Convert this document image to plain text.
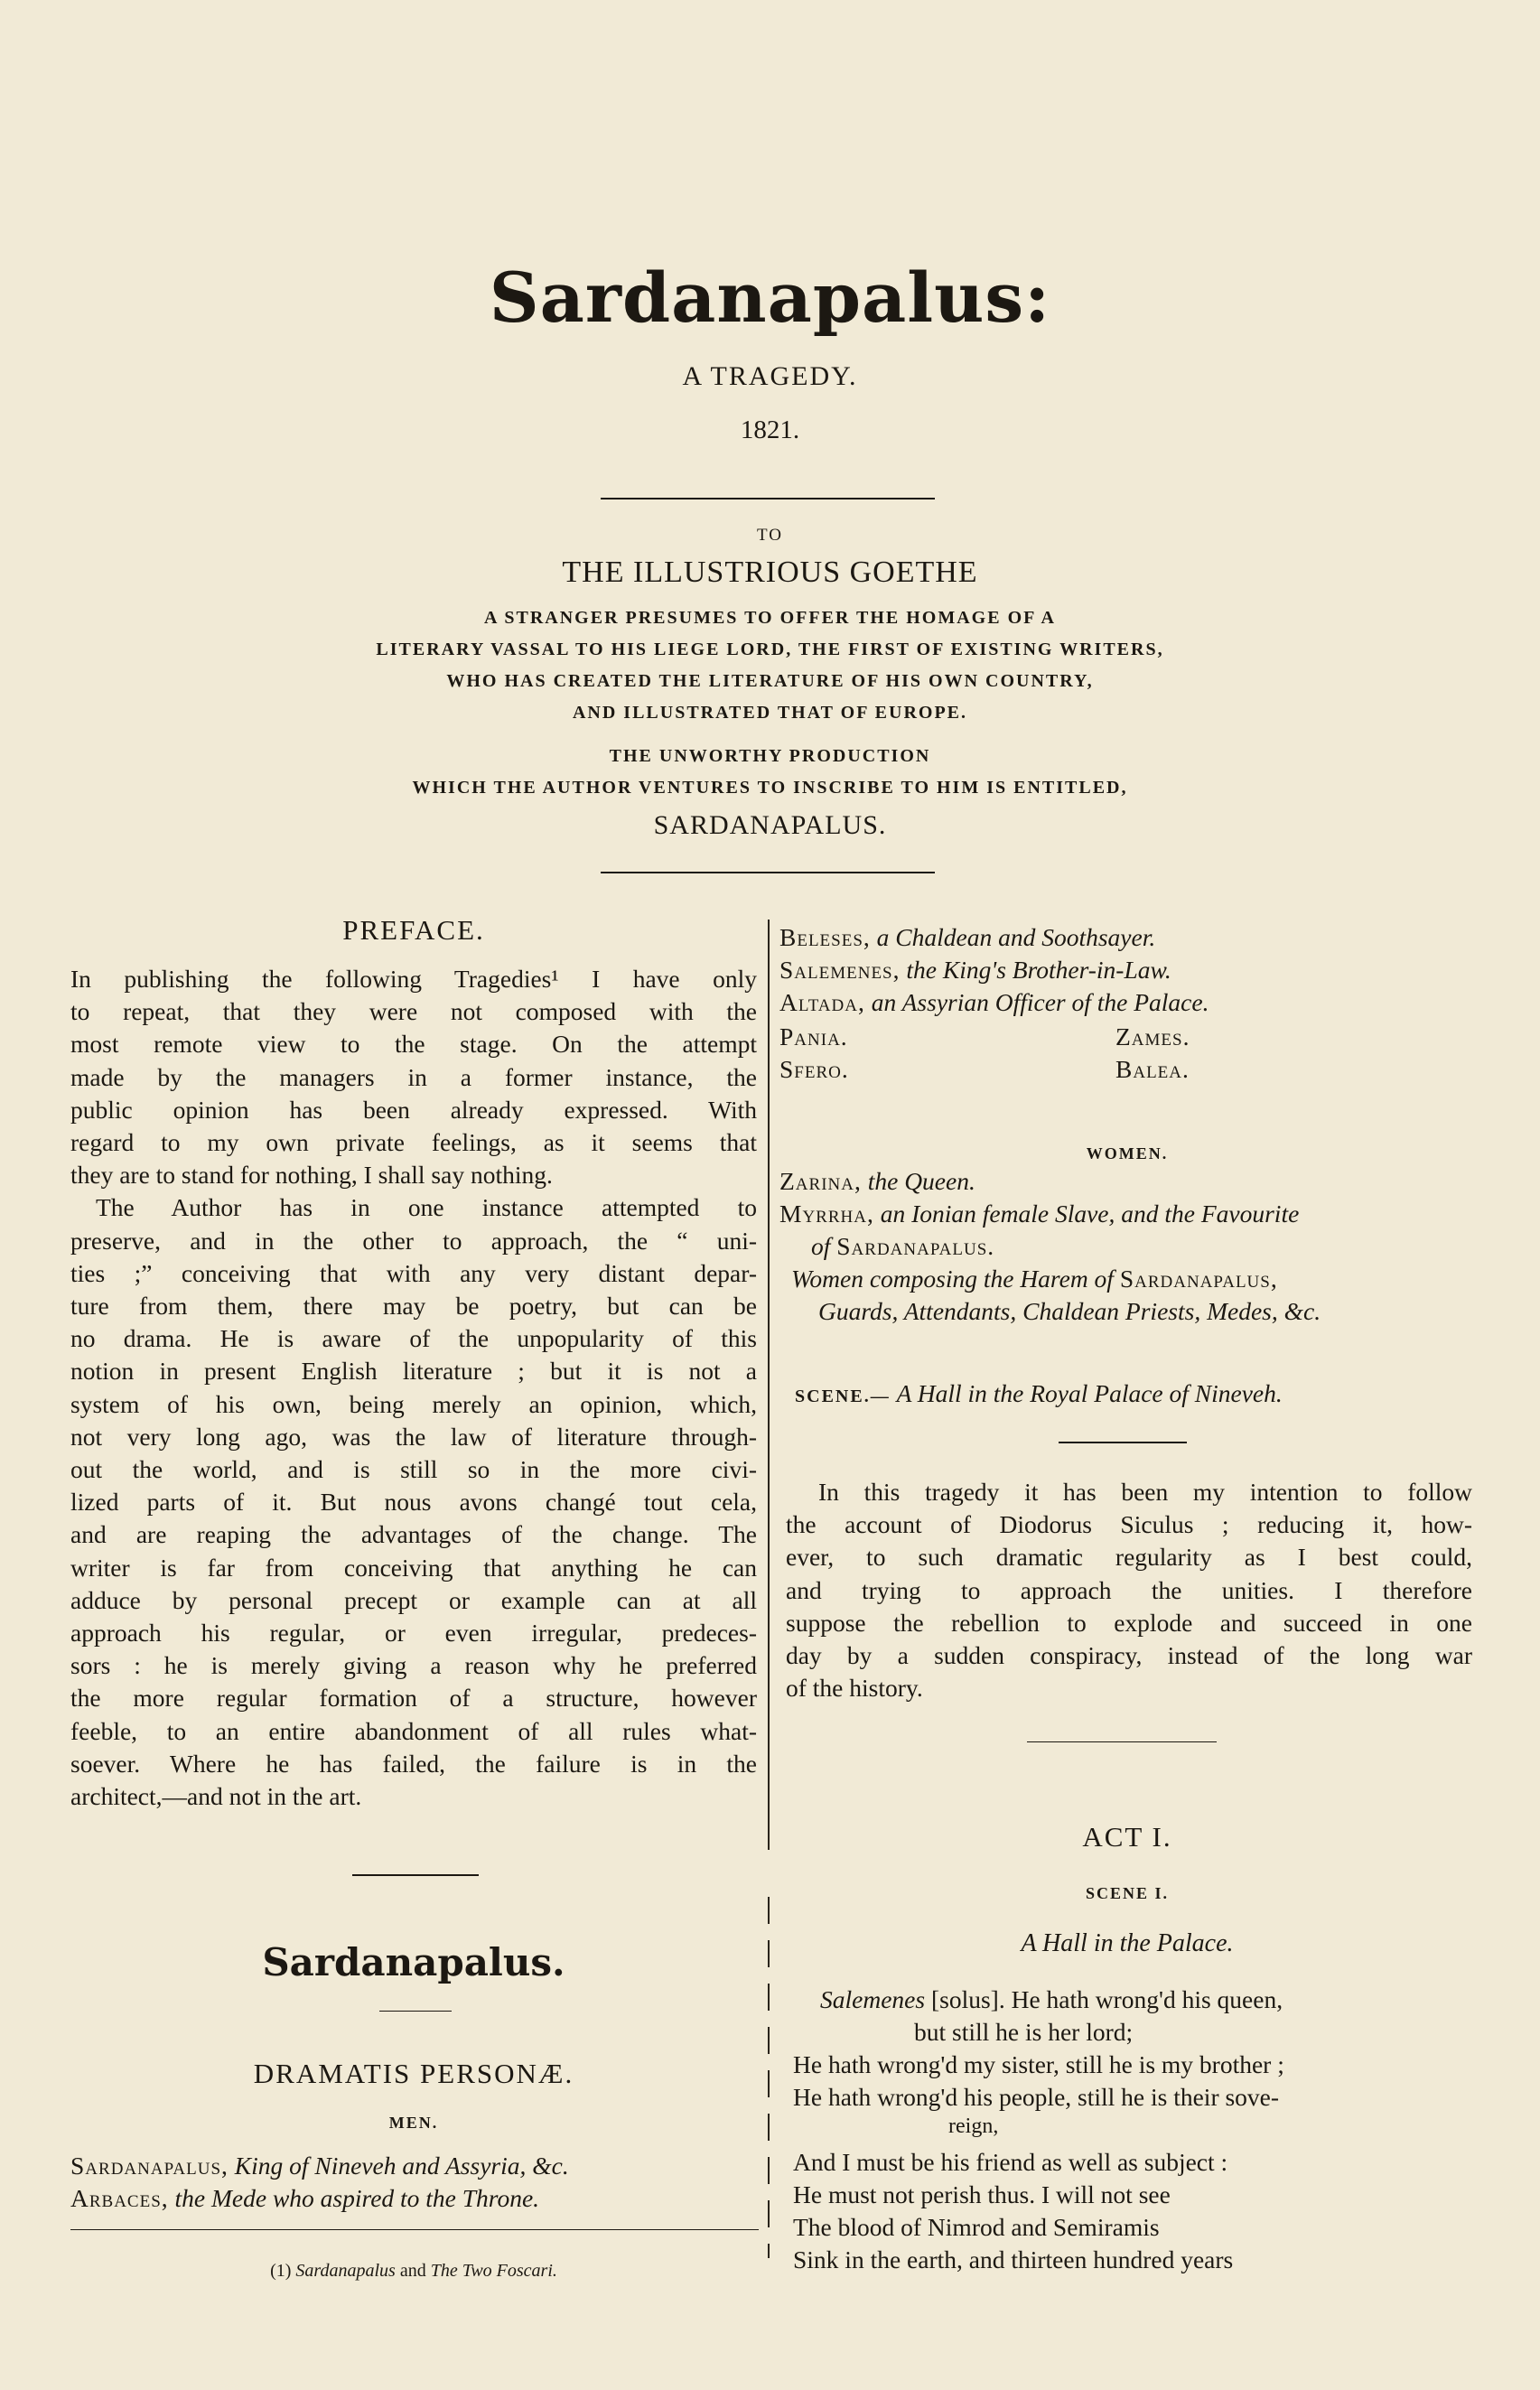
Sardanapalus:
A TRAGEDY.
1821.
TO
THE ILLUSTRIOUS GOETHE
A STRANGER PRESUMES TO OFFER THE HOMAGE OF A
LITERARY VASSAL TO HIS LIEGE LORD, THE FIRST OF EXISTING WRITERS,
WHO HAS CREATED THE LITERATURE OF HIS OWN COUNTRY,
AND ILLUSTRATED THAT OF EUROPE.
THE UNWORTHY PRODUCTION
WHICH THE AUTHOR VENTURES TO INSCRIBE TO HIM IS ENTITLED,
SARDANAPALUS.
PREFACE.
In publishing the following Tragedies¹ I have only
to repeat, that they were not composed with the
most remote view to the stage. On the attempt
made by the managers in a former instance, the
public opinion has been already expressed. With
regard to my own private feelings, as it seems that
they are to stand for nothing, I shall say nothing.
The Author has in one instance attempted to
preserve, and in the other to approach, the “ uni-
ties ;” conceiving that with any very distant depar-
ture from them, there may be poetry, but can be
no drama. He is aware of the unpopularity of this
notion in present English literature ; but it is not a
system of his own, being merely an opinion, which,
not very long ago, was the law of literature through-
out the world, and is still so in the more civi-
lized parts of it. But nous avons changé tout cela,
and are reaping the advantages of the change. The
writer is far from conceiving that anything he can
adduce by personal precept or example can at all
approach his regular, or even irregular, predeces-
sors : he is merely giving a reason why he preferred
the more regular formation of a structure, however
feeble, to an entire abandonment of all rules what-
soever. Where he has failed, the failure is in the
architect,—and not in the art.
Sardanapalus.
DRAMATIS PERSONÆ.
MEN.
Sardanapalus, King of Nineveh and Assyria, &c.
Arbaces, the Mede who aspired to the Throne.
(1) Sardanapalus and The Two Foscari.
Beleses, a Chaldean and Soothsayer.
Salemenes, the King's Brother-in-Law.
Altada, an Assyrian Officer of the Palace.
Pania.	Zames.
Sfero.	Balea.
WOMEN.
Zarina, the Queen.
Myrrha, an Ionian female Slave, and the Favourite
of Sardanapalus.
Women composing the Harem of Sardanapalus,
Guards, Attendants, Chaldean Priests, Medes, &c.
SCENE.— A Hall in the Royal Palace of Nineveh.
In this tragedy it has been my intention to follow
the account of Diodorus Siculus ; reducing it, how-
ever, to such dramatic regularity as I best could,
and trying to approach the unities. I therefore
suppose the rebellion to explode and succeed in one
day by a sudden conspiracy, instead of the long war
of the history.
ACT I.
SCENE I.
A Hall in the Palace.
Salemenes [solus]. He hath wrong'd his queen,
but still he is her lord;
He hath wrong'd my sister, still he is my brother ;
He hath wrong'd his people, still he is their sove-
reign,
And I must be his friend as well as subject :
He must not perish thus. I will not see
The blood of Nimrod and Semiramis
Sink in the earth, and thirteen hundred years
